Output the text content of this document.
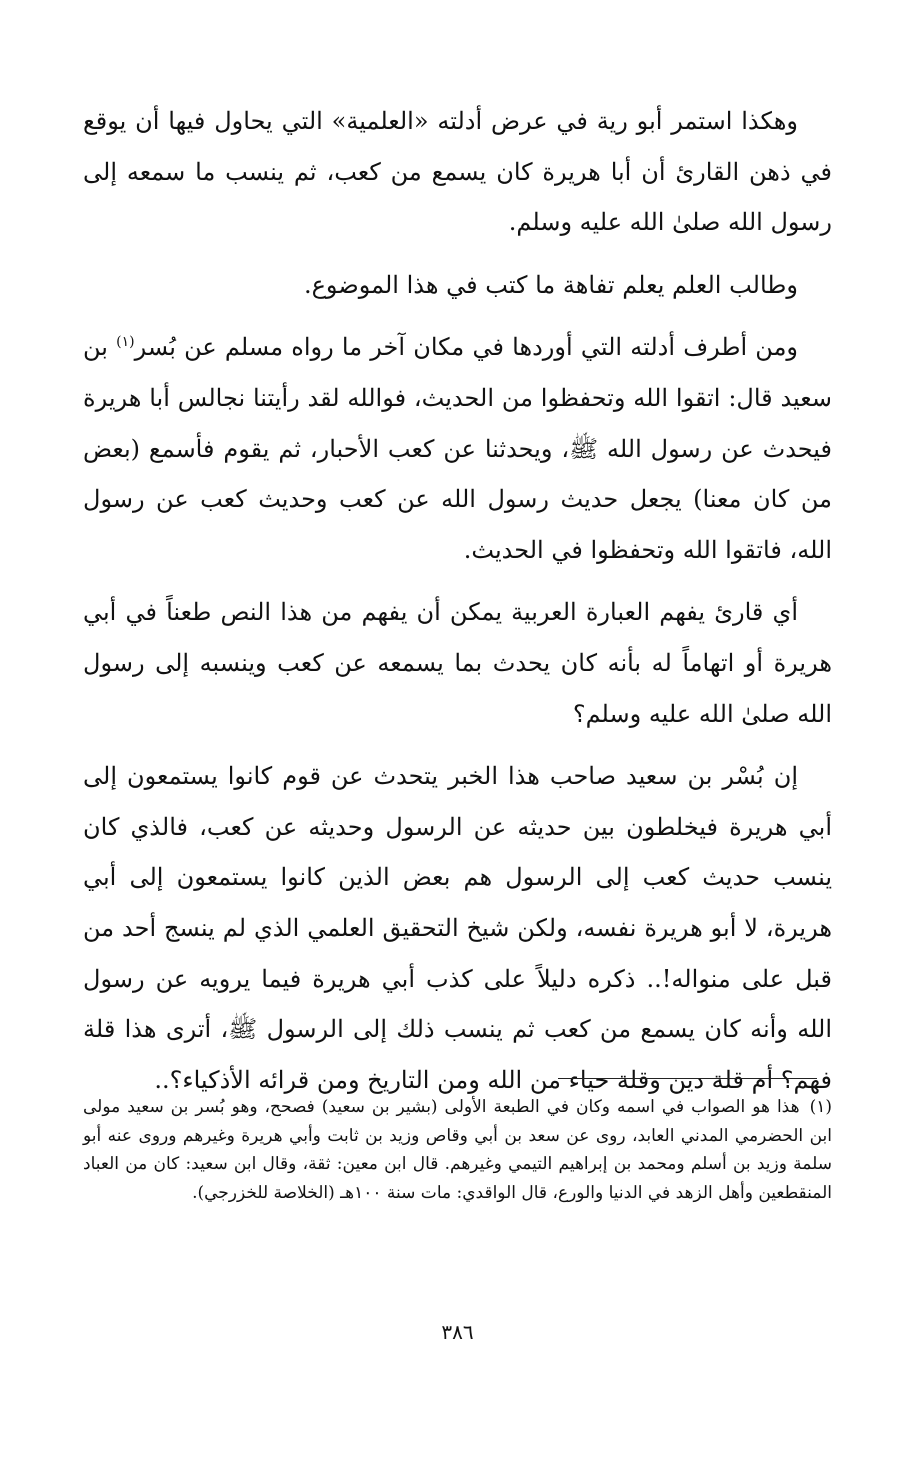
وهكذا استمر أبو رية في عرض أدلته «العلمية» التي يحاول فيها أن يوقع في ذهن القارئ أن أبا هريرة كان يسمع من كعب، ثم ينسب ما سمعه إلى رسول الله صلىٰ الله عليه وسلم.

وطالب العلم يعلم تفاهة ما كتب في هذا الموضوع.

ومن أطرف أدلته التي أوردها في مكان آخر ما رواه مسلم عن بُسر$^{(١)}$ بن سعيد قال: اتقوا الله وتحفظوا من الحديث، فوالله لقد رأيتنا نجالس أبا هريرة فيحدث عن رسول الله ﷺ، ويحدثنا عن كعب الأحبار، ثم يقوم فأسمع (بعض من كان معنا) يجعل حديث رسول الله عن كعب وحديث كعب عن رسول الله، فاتقوا الله وتحفظوا في الحديث.

أي قارئ يفهم العبارة العربية يمكن أن يفهم من هذا النص طعناً في أبي هريرة أو اتهاماً له بأنه كان يحدث بما يسمعه عن كعب وينسبه إلى رسول الله صلىٰ الله عليه وسلم؟

إن بُسْر بن سعيد صاحب هذا الخبر يتحدث عن قوم كانوا يستمعون إلى أبي هريرة فيخلطون بين حديثه عن الرسول وحديثه عن كعب، فالذي كان ينسب حديث كعب إلى الرسول هم بعض الذين كانوا يستمعون إلى أبي هريرة، لا أبو هريرة نفسه، ولكن شيخ التحقيق العلمي الذي لم ينسج أحد من قبل على منواله!.. ذكره دليلاً على كذب أبي هريرة فيما يرويه عن رسول الله وأنه كان يسمع من كعب ثم ينسب ذلك إلى الرسول ﷺ، أترى هذا قلة فهم؟ أم قلة دين وقلة حياء من الله ومن التاريخ ومن قرائه الأذكياء؟..

(١)هذا هو الصواب في اسمه وكان في الطبعة الأولى (بشير بن سعيد) فصحح، وهو بُسر بن سعيد مولى ابن الحضرمي المدني العابد، روى عن سعد بن أبي وقاص وزيد بن ثابت وأبي هريرة وغيرهم وروى عنه أبو سلمة وزيد بن أسلم ومحمد بن إبراهيم التيمي وغيرهم. قال ابن معين: ثقة، وقال ابن سعيد: كان من العباد المنقطعين وأهل الزهد في الدنيا والورع، قال الواقدي: مات سنة ١٠٠هـ (الخلاصة للخزرجي).
٣٨٦
